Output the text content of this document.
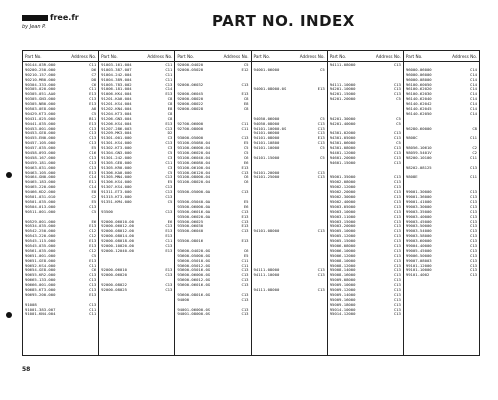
free.fr
by Jean P.	PART NO. INDEX
Part No.	Address No.
90144-03R-000	C11
90200-250-000	D6
90210-157-000	C7
90210-MB0-000	D8
90304-333-000	C6
90305-020-000	C11
90305-051-AA0	E13
90305-GN3-000	C13
90305-NB0-000	E13
90503-0E8-000	A8
90429-KT3-000	C5
90431-025-000	B11
90441-035-000	E13
90453-001-000	C13
90453-GE8-000	C13
90455-EN0-000	C13
90457-105-000	C13
90457-035-000	E5
90458-093-000	C16
90458-167-000	C13
90459-181-000	C13
90463-031-000	C13
90463-105-000	E13
90464-GN0-000	C14
90465-183-000	E11
90465-220-000	C14
90466-KD2-000	E8
90501-031-010	C2
90501-035-000	E5
90504-013-000	C13
90511-001-000	C5
90529-001-000	E6
90534-035-000	E13
90542-250-000	C12
90543-220-000	C12
90545-115-000	E13
90545-035-000	E13
90561-035-000	C12
90651-001-000	C5
90651-GE8-000	E13
90652-KS4-000	C11
90654-GE8-000	C6
90655-KR2-000	C13
90665-133-000	C13
90666-001-000	C13
90685-KT3-000	C13
90695-200-000	E13
91008	C13
91001-383-007	C11
91001-KN4-004	C11
Part No.	Address No.
91003-161-004	C11
91003-387-007	C11
91004-242-004	C11
91004-389-004	C11
91005-783-002	C13
91006-181-004	C14
91006-KK4-004	E13
91201-KA0-004	C8
91201-KS4-004	C8
91202-KN4-004	E8
91204-KT3-004	C8
91206-GN3-004	C8
91206-KS4-004	E13
91207-286-003	C13
91209-MK3-004	D2
91301-001-000	C3
91301-KS4-000	C13
91302-KT3-000	C3
91304-GN3-000	C5
91301-242-000	C3
91305-GE8-000	C11
91305-KR0-000	C3
91306-KA0-000	C5
91305-MN4-000	C13
91306-KS4-000	E5
91307-KS4-000	C13
91311-ET3-000	C13
91315-KT3-000	C13
91351-KM4-000	C5
93500	C13
92000-06010-00	E6
92000-06012-00	C13
92000-08012-00	E13
92000-08014-00	E13
92000-08018-00	C11
92000-10020-00	C13
92000-12040-00	E13
92000-06010	E13
92000-06020	C13
92000-08022	C13
92000-08025	C13
Part No.	Address No.
92000-04020	C5
92000-05020	E12
92000-06032	C13
92000-06045	E13
92000-08020	C8
92000-08022	E8
92000-08028	C8
92700-06000	C11
92700-08000	C11
93000-05000	C13
93100-05080-04	E5
93100-06000-04	C5
93100-06020-04	C5
93100-06040-04	C6
93100-06080-04	E6
93100-06100-04	E13
93100-06120-04	C13
93100-08000-04	C6
93100-08020-04	C6
93500-05000-0A	C13
93500-05040-0A	E5
93500-06000-0A	E6
93500-06016-0A	C13
93500-06020-0A	E13
93500-06025	C13
93500-06030	E13
93500-06040	C13
93500-08016	E13
93600-04020-0G	C6
93600-05000-0G	E5
93600-05010-0G	C11
93600-05012-0G	C11
93600-05016-0G	C13
93600-06000-0G	C13
93600-06012-0G	C13
93600-06016-0G	C13
93600-08016-0G	C13
94000	C13
94001-06000-0S	C13
94001-08000-0S	C13
Part No.	Address No.
94001-06000	C5
94001-08000-0S	E13
94050-06000	C5
94050-08000	C13
94101-10000-0S	C13
94101-06000	C13
94101-08000	E13
94101-10800	C13
94101-10000	C5
94101-15000	C5
94101-20000	C13
94101-25000	C13
94101-08000	C13
94111-08000	C13
94111-10000	C13
94111-08000	C13
Part No.	Address No.
94111-08000	C13
94111-10000	C13
94201-10000	C13
94201-15000	C13
94201-20000	C5
94201-30000	C5
94201-40000	C5
94301-02000	C13
94301-05000	C13
94301-06000	C5
94301-08000	C13
94401-12000	C13
94601-20000	C13
94601-15000	C13
95001-35000	C13
95002-08000	C13
95002-12000	C13
95002-20000	C13
95002-30000	C13
95002-40000	C13
95003-05000	C13
95003-10000	C13
95003-11000	C13
95003-15000	C13
95003-20000	C13
95005-10000	C13
95005-12000	C13
95005-15000	C13
95006-08000	C13
95006-10000	C13
95006-12000	C13
95008-10000	C13
95008-12000	C13
95008-14000	C13
95008-16000	C13
95009-08000	C13
95009-10000	C13
95009-12000	C13
95009-14000	C13
95009-16000	C13
95009-18000	C13
95014-10000	C13
95014-12000	C13
Part No.	Address No.
96000-06000	C14
96000-06000	C14
96000-08000	C14
96100-60050	C14
96100-62020	C14
96100-62030	C14
96140-62040	C14
96140-62042	C14
96140-62045	C14
96140-62050	C14
96280-60000	C8
9808C	C11
98056-10610	C2
98059-5401V	C2
98200-10100	C11
98202-08125	C13
9808E	C11
99001-30000	C13
99001-36000	C13
99001-41000	C13
99003-30000	C13
99003-35000	C13
99003-40000	C13
99003-45000	C13
99003-50000	C13
99003-54000	C13
99003-58000	C13
99003-60000	C13
99004-40000	C13
99005-45000	C13
99006-50000	C13
99007-08003	C13
99101-12000	C13
99101-10000	C13
99101-4002	C13
58
